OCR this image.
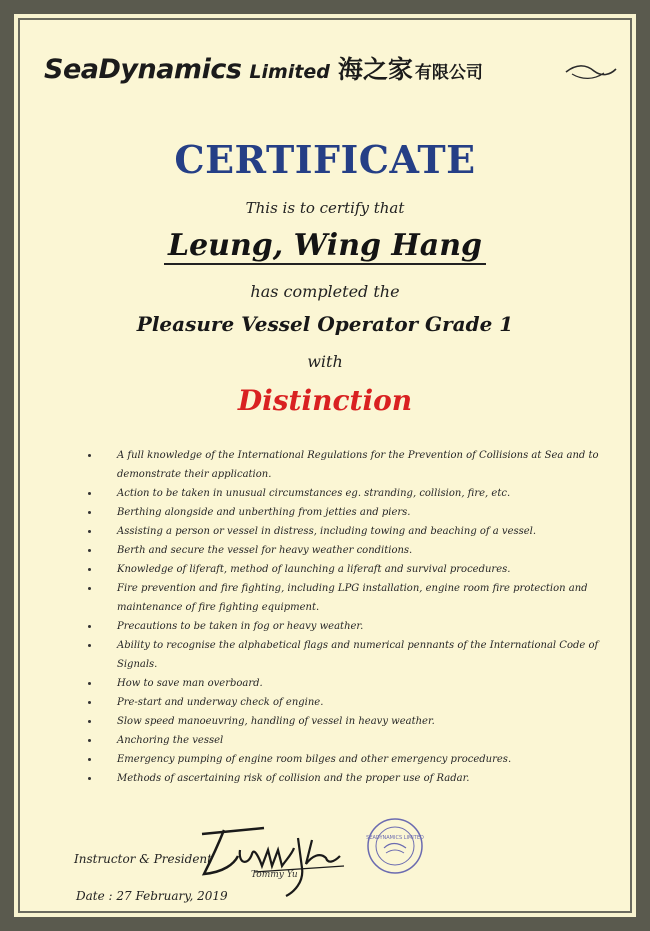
SeaDynamics Limited 海之家 有限公司
CERTIFICATE
This is to certify that
Leung, Wing Hang
has completed the
Pleasure Vessel Operator Grade 1
with
Distinction
A full knowledge of the International Regulations for the Prevention of Collisions at Sea and to demonstrate their application.
Action to be taken in unusual circumstances eg. stranding, collision, fire, etc.
Berthing alongside and unberthing from jetties and piers.
Assisting a person or vessel in distress, including towing and beaching of a vessel.
Berth and secure the vessel for heavy weather conditions.
Knowledge of liferaft, method of launching a liferaft and survival procedures.
Fire prevention and fire fighting, including LPG installation, engine room fire protection and maintenance of fire fighting equipment.
Precautions to be taken in fog or heavy weather.
Ability to recognise the alphabetical flags and numerical pennants of the International Code of Signals.
How to save man overboard.
Pre-start and underway check of engine.
Slow speed manoeuvring, handling of vessel in heavy weather.
Anchoring the vessel
Emergency pumping of engine room bilges and other emergency procedures.
Methods of ascertaining risk of collision and the proper use of Radar.
Instructor & President
Tommy Yu
SEADYNAMICS LIMITED
Date : 27 February, 2019
